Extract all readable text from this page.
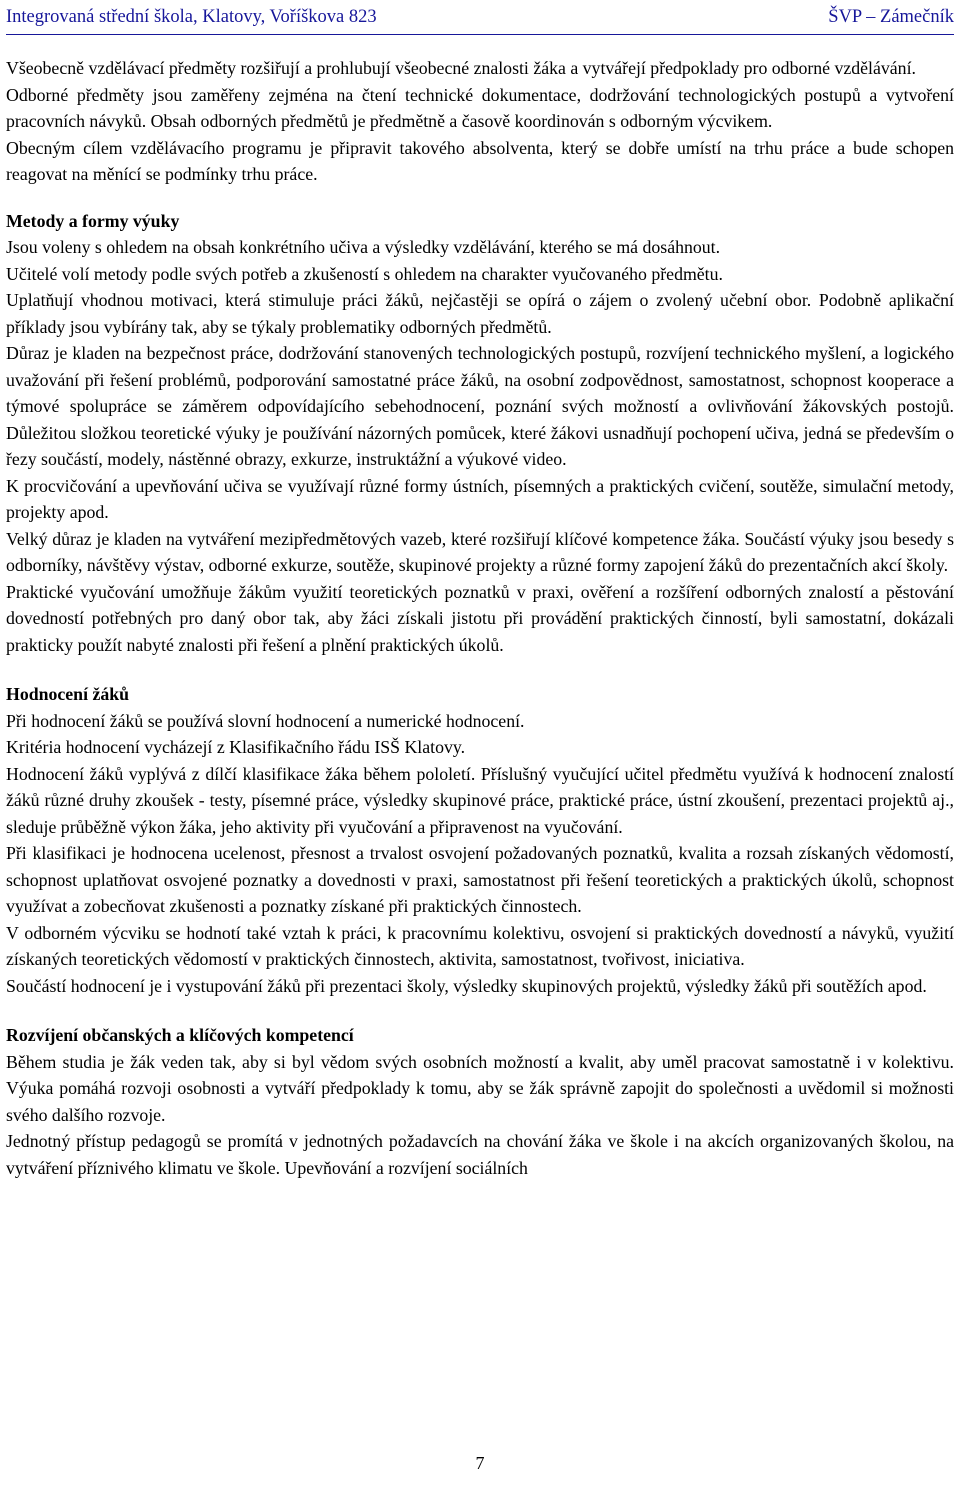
Integrovaná střední škola, Klatovy, Voříškova 823	ŠVP – Zámečník

Všeobecně vzdělávací předměty rozšiřují a prohlubují všeobecné znalosti žáka a vytvářejí předpoklady pro odborné vzdělávání.

Odborné předměty jsou zaměřeny zejména na čtení technické dokumentace, dodržování technologických postupů a vytvoření pracovních návyků. Obsah odborných předmětů je předmětně a časově koordinován s odborným výcvikem.

Obecným cílem vzdělávacího programu je připravit takového absolventa, který se dobře umístí na trhu práce a bude schopen reagovat na měnící se podmínky trhu práce.

Metody a formy výuky

Jsou voleny s ohledem na obsah konkrétního učiva a výsledky vzdělávání, kterého se má dosáhnout.

Učitelé volí metody podle svých potřeb a zkušeností s ohledem na charakter vyučovaného předmětu.

Uplatňují vhodnou motivaci, která stimuluje práci žáků, nejčastěji se opírá o zájem o zvolený učební obor. Podobně aplikační příklady jsou vybírány tak, aby se týkaly problematiky odborných předmětů.

Důraz je kladen na bezpečnost práce, dodržování stanovených technologických postupů, rozvíjení technického myšlení, a logického uvažování při řešení problémů, podporování samostatné práce žáků, na osobní zodpovědnost, samostatnost, schopnost kooperace a týmové spolupráce se záměrem odpovídajícího sebehodnocení, poznání svých možností a ovlivňování žákovských postojů. Důležitou složkou teoretické výuky je používání názorných pomůcek, které žákovi usnadňují pochopení učiva, jedná se především o řezy součástí, modely, nástěnné obrazy, exkurze, instruktážní a výukové video.

K procvičování a upevňování učiva se využívají různé formy ústních, písemných a praktických cvičení, soutěže, simulační metody, projekty apod.

Velký důraz je kladen na vytváření mezipředmětových vazeb, které rozšiřují klíčové kompetence žáka. Součástí výuky jsou besedy s odborníky, návštěvy výstav, odborné exkurze, soutěže, skupinové projekty a různé formy zapojení žáků do prezentačních akcí školy.

Praktické vyučování umožňuje žákům využití teoretických poznatků v praxi, ověření a rozšíření odborných znalostí a pěstování dovedností potřebných pro daný obor tak, aby žáci získali jistotu při provádění praktických činností, byli samostatní, dokázali prakticky použít nabyté znalosti při řešení a plnění praktických úkolů.

Hodnocení žáků

Při hodnocení žáků se používá slovní hodnocení a numerické hodnocení.

Kritéria hodnocení vycházejí z Klasifikačního řádu ISŠ Klatovy.

Hodnocení žáků vyplývá z dílčí klasifikace žáka během pololetí. Příslušný vyučující učitel předmětu využívá k hodnocení znalostí žáků různé druhy zkoušek - testy, písemné práce, výsledky skupinové práce, praktické práce, ústní zkoušení, prezentaci projektů aj., sleduje průběžně výkon žáka, jeho aktivity při vyučování a připravenost na vyučování.

Při klasifikaci je hodnocena ucelenost, přesnost a trvalost osvojení požadovaných poznatků, kvalita a rozsah získaných vědomostí, schopnost uplatňovat osvojené poznatky a dovednosti v praxi, samostatnost při řešení teoretických a praktických úkolů, schopnost využívat a zobecňovat zkušenosti a poznatky získané při praktických činnostech.

V odborném výcviku se hodnotí také vztah k práci, k pracovnímu kolektivu, osvojení si praktických dovedností a návyků, využití získaných teoretických vědomostí v praktických činnostech, aktivita, samostatnost, tvořivost, iniciativa.

Součástí hodnocení je i vystupování žáků při prezentaci školy, výsledky skupinových projektů, výsledky žáků při soutěžích apod.

Rozvíjení občanských a klíčových kompetencí

Během studia je žák veden tak, aby si byl vědom svých osobních možností a kvalit, aby uměl pracovat samostatně i v kolektivu. Výuka pomáhá rozvoji osobnosti a vytváří předpoklady k tomu, aby se žák správně zapojit do společnosti a uvědomil si možnosti svého dalšího rozvoje.

Jednotný přístup pedagogů se promítá v jednotných požadavcích na chování žáka ve škole i na akcích organizovaných školou, na vytváření příznivého klimatu ve škole. Upevňování a rozvíjení sociálních

7
